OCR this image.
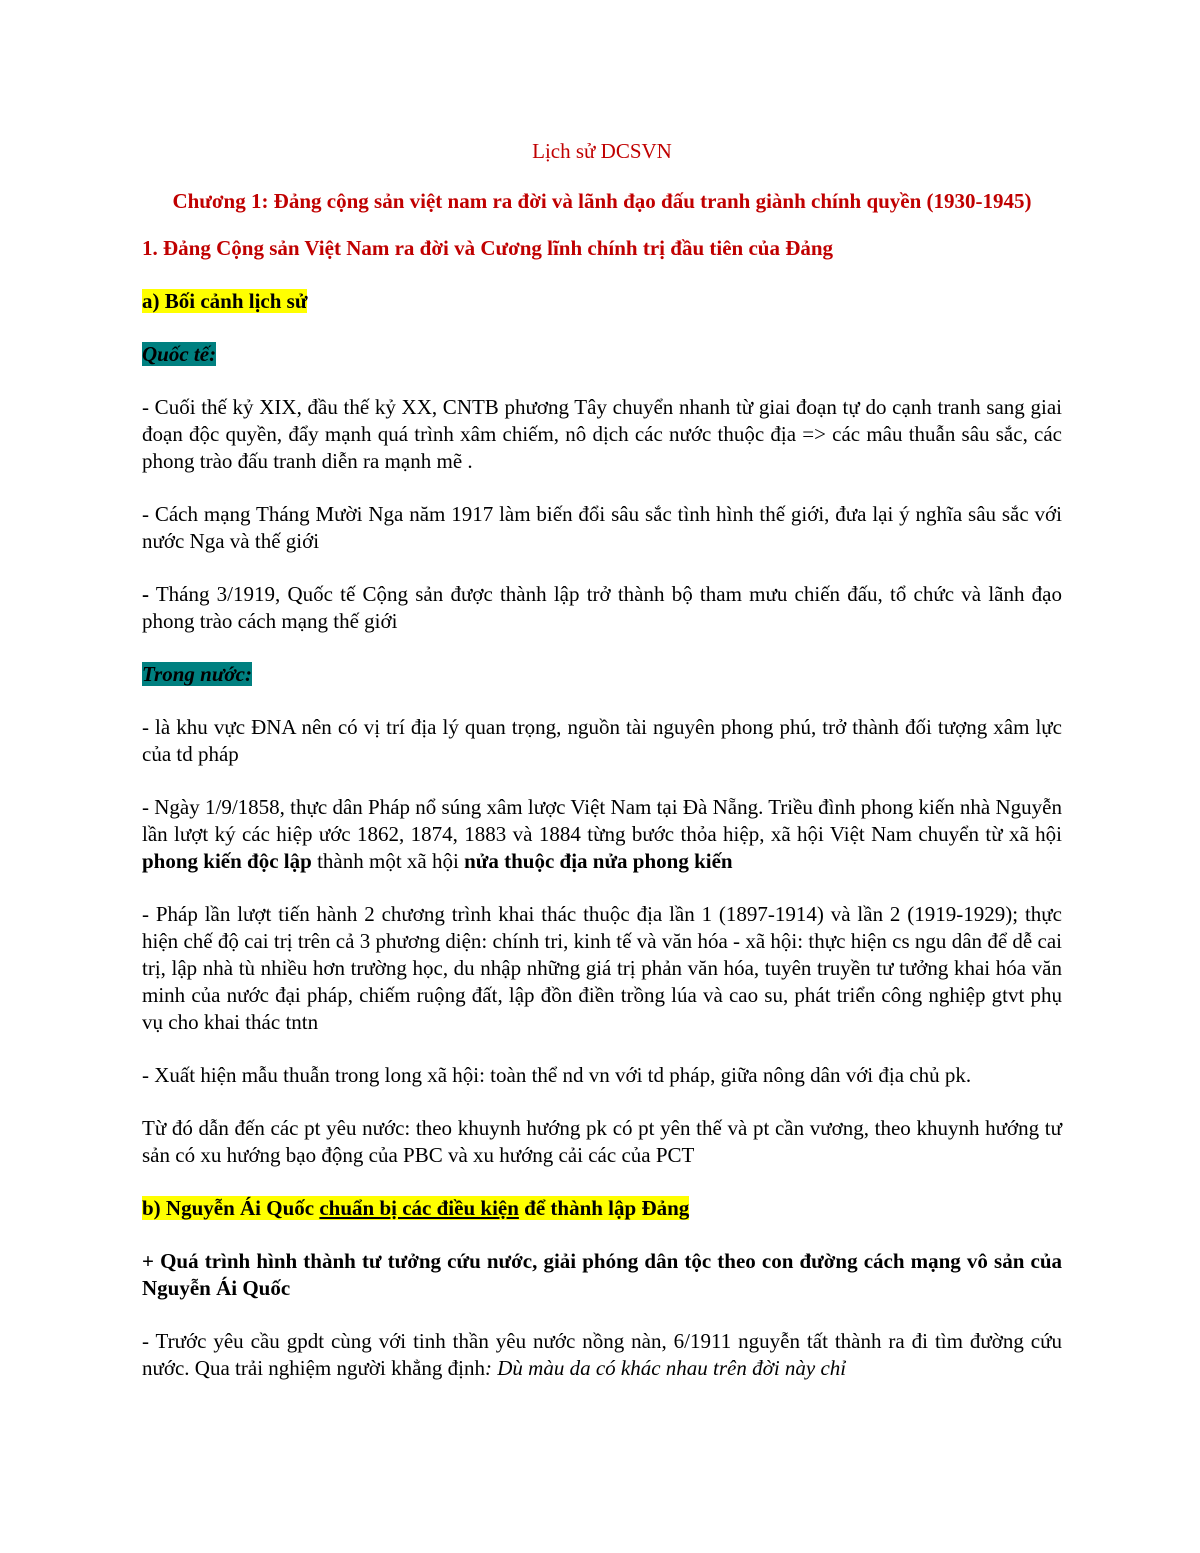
Lịch sử DCSVN
Chương 1: Đảng cộng sản việt nam ra đời và lãnh đạo đấu tranh giành chính quyền (1930-1945)
1. Đảng Cộng sản Việt Nam ra đời và Cương lĩnh chính trị đầu tiên của Đảng
a) Bối cảnh lịch sử
Quốc tế:

- Cuối thế kỷ XIX, đầu thế kỷ XX, CNTB phương Tây chuyển nhanh từ giai đoạn tự do cạnh tranh sang giai đoạn độc quyền, đẩy mạnh quá trình xâm chiếm, nô dịch các nước thuộc địa => các mâu thuẫn sâu sắc, các phong trào đấu tranh diễn ra mạnh mẽ .

- Cách mạng Tháng Mười Nga năm 1917 làm biến đổi sâu sắc tình hình thế giới, đưa lại ý nghĩa sâu sắc với nước Nga và thế giới

- Tháng 3/1919, Quốc tế Cộng sản được thành lập trở thành bộ tham mưu chiến đấu, tổ chức và lãnh đạo phong trào cách mạng thế giới

Trong nước:

- là khu vực ĐNA nên có vị trí địa lý quan trọng, nguồn tài nguyên phong phú, trở thành đối tượng xâm lực của td pháp

- Ngày 1/9/1858, thực dân Pháp nổ súng xâm lược Việt Nam tại Đà Nẵng. Triều đình phong kiến nhà Nguyễn lần lượt ký các hiệp ước 1862, 1874, 1883 và 1884 từng bước thỏa hiệp, xã hội Việt Nam chuyển từ xã hội phong kiến độc lập thành một xã hội nửa thuộc địa nửa phong kiến

- Pháp lần lượt tiến hành 2 chương trình khai thác thuộc địa lần 1 (1897-1914) và lần 2 (1919-1929); thực hiện chế độ cai trị trên cả 3 phương diện: chính tri, kinh tế và văn hóa - xã hội: thực hiện cs ngu dân để dễ cai trị, lập nhà tù nhiều hơn trường học, du nhập những giá trị phản văn hóa, tuyên truyền tư tưởng khai hóa văn minh của nước đại pháp, chiếm ruộng đất, lập đồn điền trồng lúa và cao su, phát triển công nghiệp gtvt phụ vụ cho khai thác tntn

- Xuất hiện mẫu thuẫn trong long xã hội: toàn thể nd vn với td pháp, giữa nông dân với địa chủ pk.

Từ đó dẫn đến các pt yêu nước: theo khuynh hướng pk có pt yên thế và pt cần vương, theo khuynh hướng tư sản có xu hướng bạo động của PBC và xu hướng cải các của PCT

b) Nguyễn Ái Quốc chuẩn bị các điều kiện để thành lập Đảng

+ Quá trình hình thành tư tưởng cứu nước, giải phóng dân tộc theo con đường cách mạng vô sản của Nguyễn Ái Quốc

- Trước yêu cầu gpdt cùng với tinh thần yêu nước nồng nàn, 6/1911 nguyễn tất thành ra đi tìm đường cứu nước. Qua trải nghiệm người khẳng định: Dù màu da có khác nhau trên đời này chỉ
